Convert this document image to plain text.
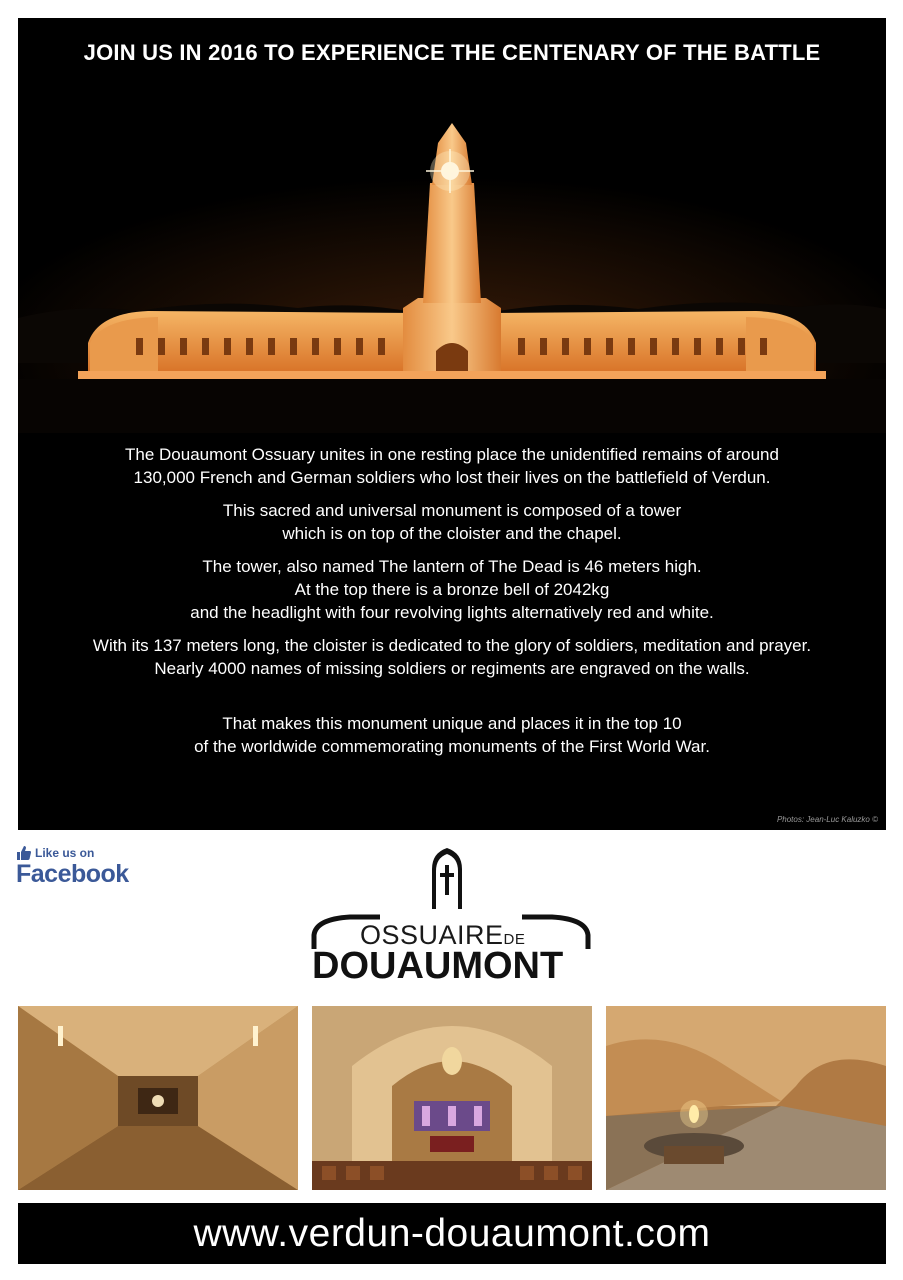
JOIN US IN 2016 TO EXPERIENCE THE CENTENARY OF THE BATTLE

The Douaumont Ossuary unites in one resting place the unidentified remains of around
130,000 French and German soldiers who lost their lives on the battlefield of Verdun.

This sacred and universal monument is composed of a tower
which is on top of the cloister and the chapel.

The tower, also named The lantern of The Dead is 46 meters high.
At the top there is a bronze bell of 2042kg
and the headlight with four revolving lights alternatively red and white.

With its 137 meters long, the cloister is dedicated to the glory of soldiers, meditation and prayer.
Nearly 4000 names of missing soldiers or regiments are engraved on the walls.

That makes this monument unique and places it in the top 10
of the worldwide commemorating monuments of the First World War.

Photos: Jean-Luc Kaluzko ©
Like us on
Facebook
OSSUAIREDE
DOUAUMONT
www.verdun-douaumont.com
